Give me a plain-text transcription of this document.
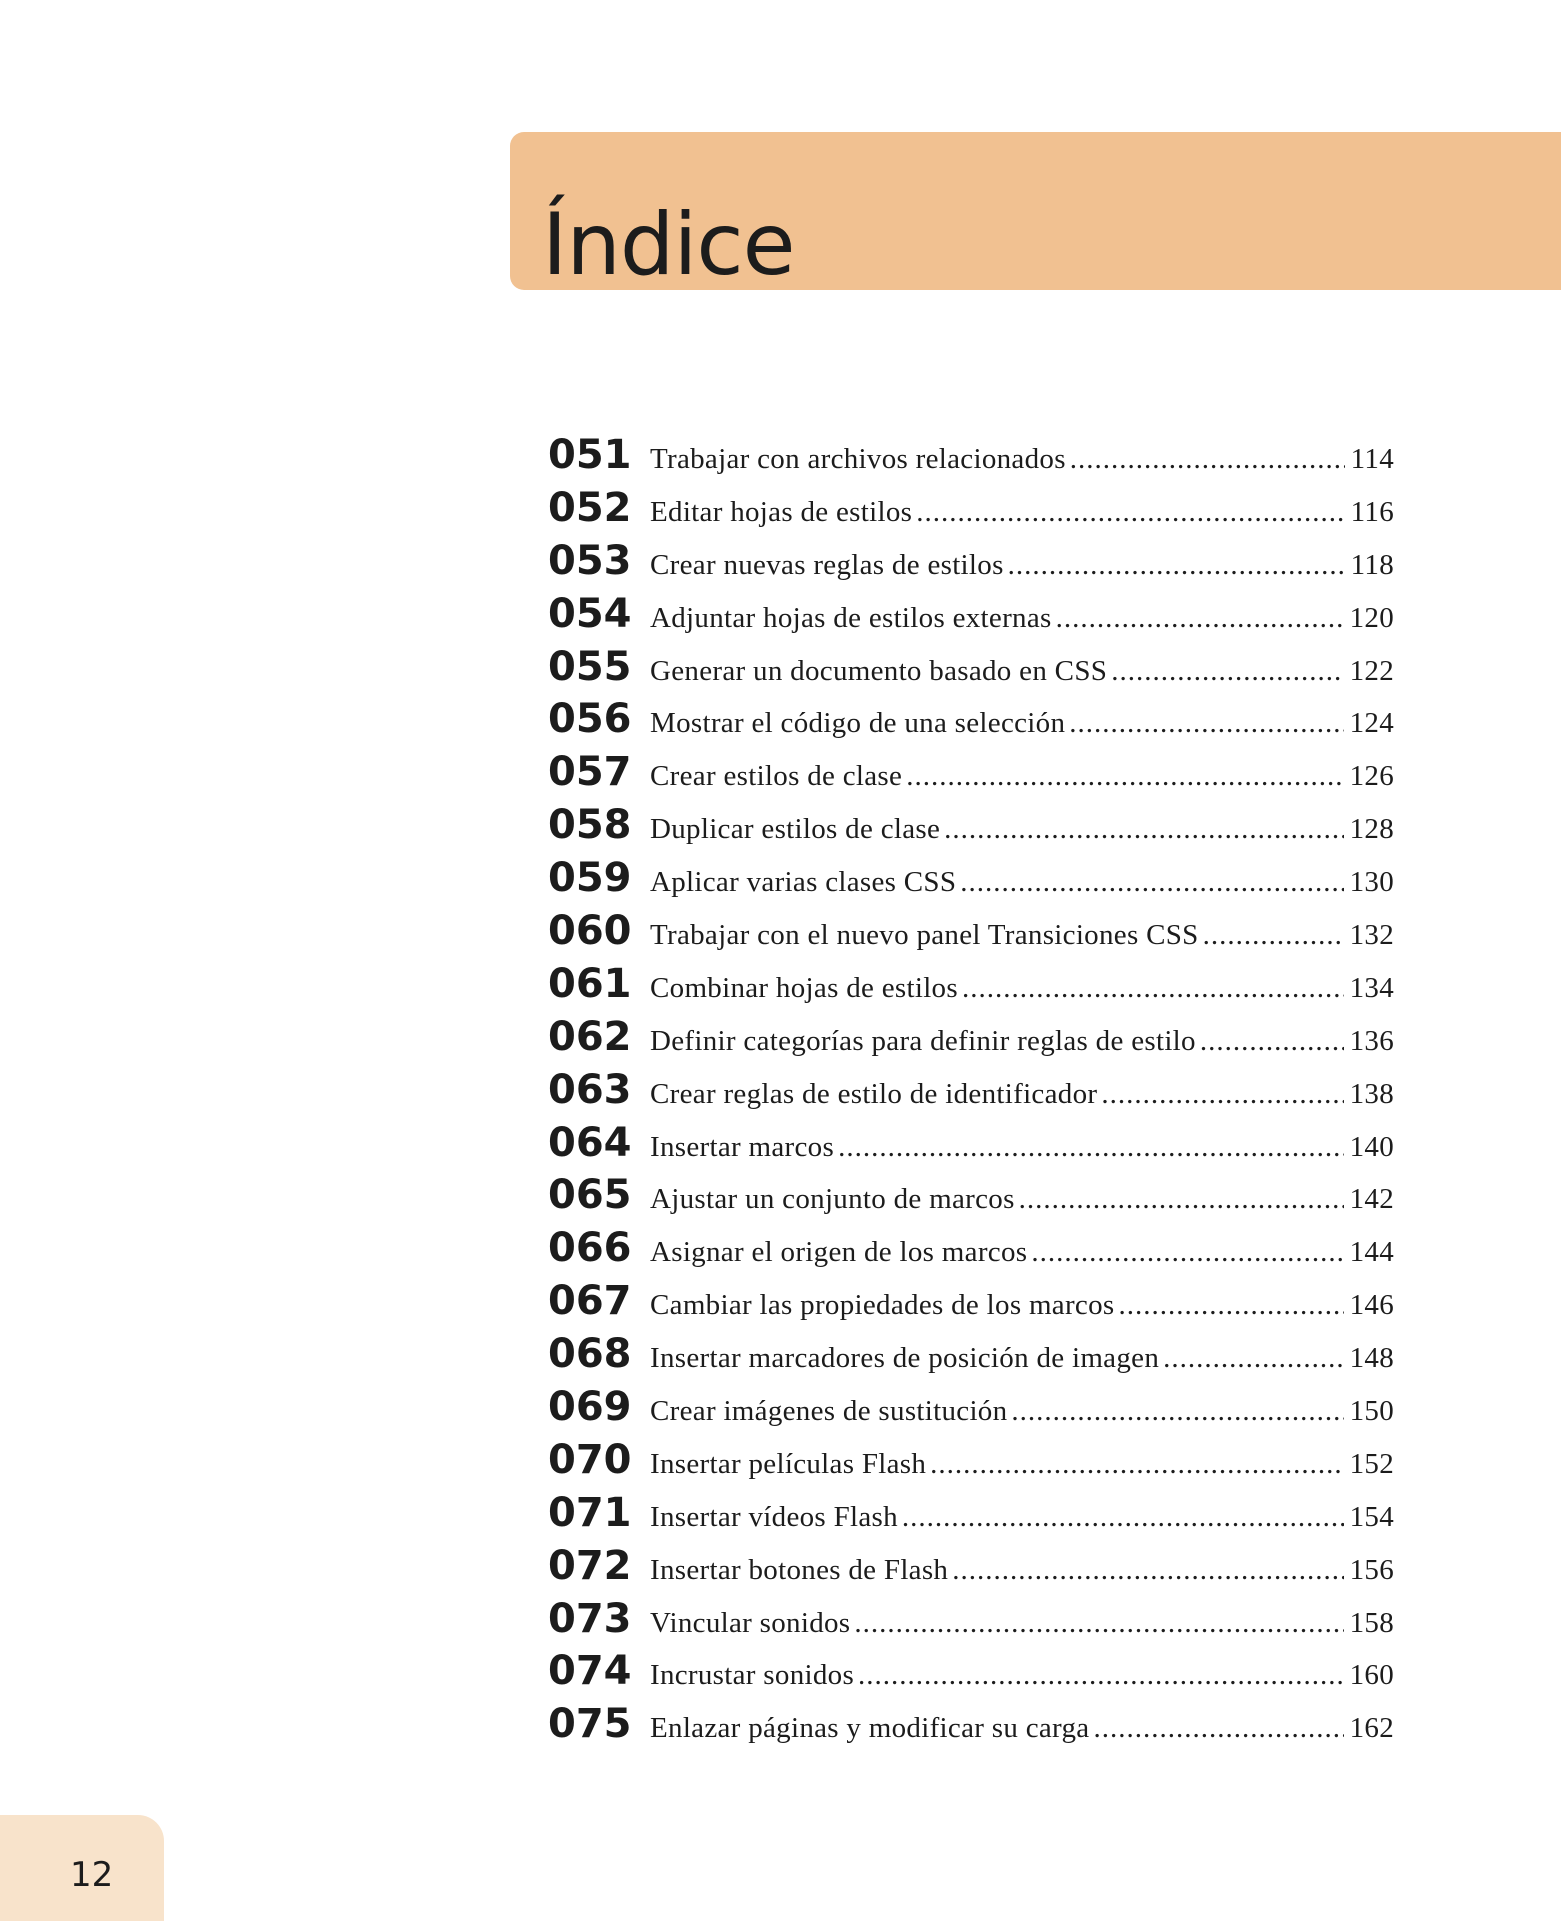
Índice
051 Trabajar con archivos relacionados .....	114
052 Editar hojas de estilos .....	116
053 Crear nuevas reglas de estilos .....	118
054 Adjuntar hojas de estilos externas .....	120
055 Generar un documento basado en CSS .....	122
056 Mostrar el código de una selección .....	124
057 Crear estilos de clase .....	126
058 Duplicar estilos de clase .....	128
059 Aplicar varias clases CSS .....	130
060 Trabajar con el nuevo panel Transiciones CSS .....	132
061 Combinar hojas de estilos .....	134
062 Definir categorías para definir reglas de estilo .....	136
063 Crear reglas de estilo de identificador .....	138
064 Insertar marcos .....	140
065 Ajustar un conjunto de marcos .....	142
066 Asignar el origen de los marcos .....	144
067 Cambiar las propiedades de los marcos .....	146
068 Insertar marcadores de posición de imagen .....	148
069 Crear imágenes de sustitución .....	150
070 Insertar películas Flash .....	152
071 Insertar vídeos Flash .....	154
072 Insertar botones de Flash .....	156
073 Vincular sonidos .....	158
074 Incrustar sonidos .....	160
075 Enlazar páginas y modificar su carga .....	162
12
